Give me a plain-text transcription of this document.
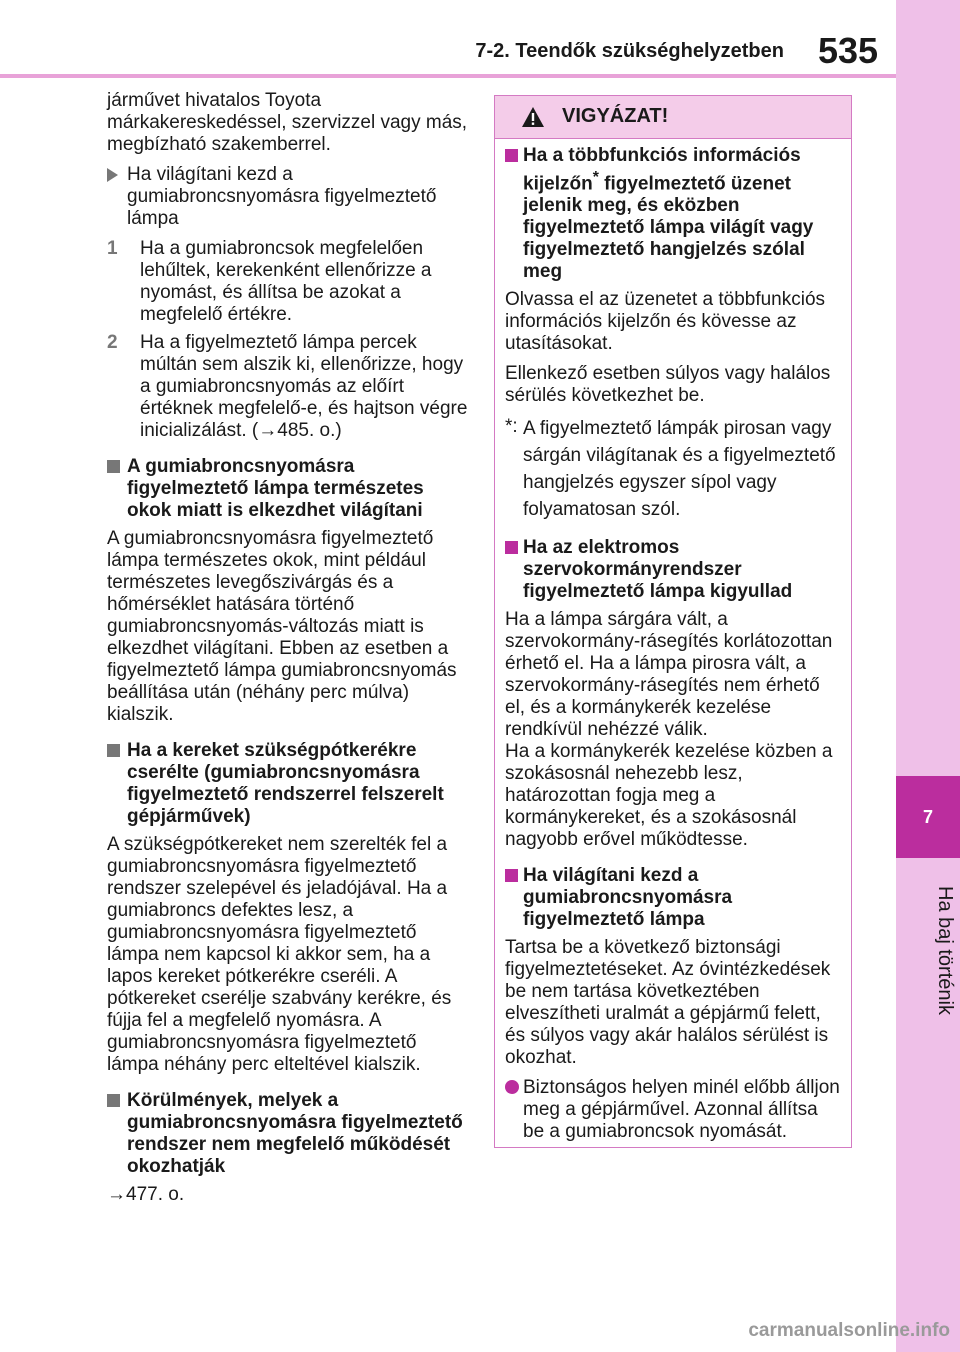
7-2. Teendők szükséghelyzetben 535
7
Ha baj történik

járművet hivatalos Toyota márkakereskedéssel, szervizzel vagy más, megbízható szakemberrel.

Ha világítani kezd a gumiabroncsnyomásra figyelmeztető lámpa
1 Ha a gumiabroncsok megfelelően lehűltek, kerekenként ellenőrizze a nyomást, és állítsa be azokat a megfelelő értékre.
2 Ha a figyelmeztető lámpa percek múltán sem alszik ki, ellenőrizze, hogy a gumiabroncsnyomás az előírt értéknek megfelelő-e, és hajtson végre inicializálást. (→485. o.)
A gumiabroncsnyomásra figyelmeztető lámpa természetes okok miatt is elkezdhet világítani

A gumiabroncsnyomásra figyelmeztető lámpa természetes okok, mint például természetes levegőszivárgás és a hőmérséklet hatására történő gumiabroncsnyomás-változás miatt is elkezdhet világítani. Ebben az esetben a figyelmeztető lámpa gumiabroncsnyomás beállítása után (néhány perc múlva) kialszik.

Ha a kereket szükségpótkerékre cserélte (gumiabroncsnyomásra figyelmeztető rendszerrel felszerelt gépjárművek)

A szükségpótkereket nem szerelték fel a gumiabroncsnyomásra figyelmeztető rendszer szelepével és jeladójával. Ha a gumiabroncs defektes lesz, a gumiabroncsnyomásra figyelmeztető lámpa nem kapcsol ki akkor sem, ha a lapos kereket pótkerékre cseréli. A pótkereket cserélje szabvány kerékre, és fújja fel a megfelelő nyomásra. A gumiabroncsnyomásra figyelmeztető lámpa néhány perc elteltével kialszik.

Körülmények, melyek a gumiabroncsnyomásra figyelmeztető rendszer nem megfelelő működését okozhatják

→477. o.

VIGYÁZAT!
Ha a többfunkciós információs kijelzőn* figyelmeztető üzenet jelenik meg, és eközben figyelmeztető lámpa világít vagy figyelmeztető hangjelzés szólal meg

Olvassa el az üzenetet a többfunkciós információs kijelzőn és kövesse az utasításokat.

Ellenkező esetben súlyos vagy halálos sérülés következhet be.

*: A figyelmeztető lámpák pirosan vagy sárgán világítanak és a figyelmeztető hangjelzés egyszer sípol vagy folyamatosan szól.
Ha az elektromos szervokormányrendszer figyelmeztető lámpa kigyullad

Ha a lámpa sárgára vált, a szervokormány-rásegítés korlátozottan érhető el. Ha a lámpa pirosra vált, a szervokormány-rásegítés nem érhető el, és a kormánykerék kezelése rendkívül nehézzé válik.

Ha a kormánykerék kezelése közben a szokásosnál nehezebb lesz, határozottan fogja meg a kormánykereket, és a szokásosnál nagyobb erővel működtesse.

Ha világítani kezd a gumiabroncsnyomásra figyelmeztető lámpa

Tartsa be a következő biztonsági figyelmeztetéseket. Az óvintézkedések be nem tartása következtében elveszítheti uralmát a gépjármű felett, és súlyos vagy akár halálos sérülést is okozhat.

Biztonságos helyen minél előbb álljon meg a gépjárművel. Azonnal állítsa be a gumiabroncsok nyomását.
carmanualsonline.info
